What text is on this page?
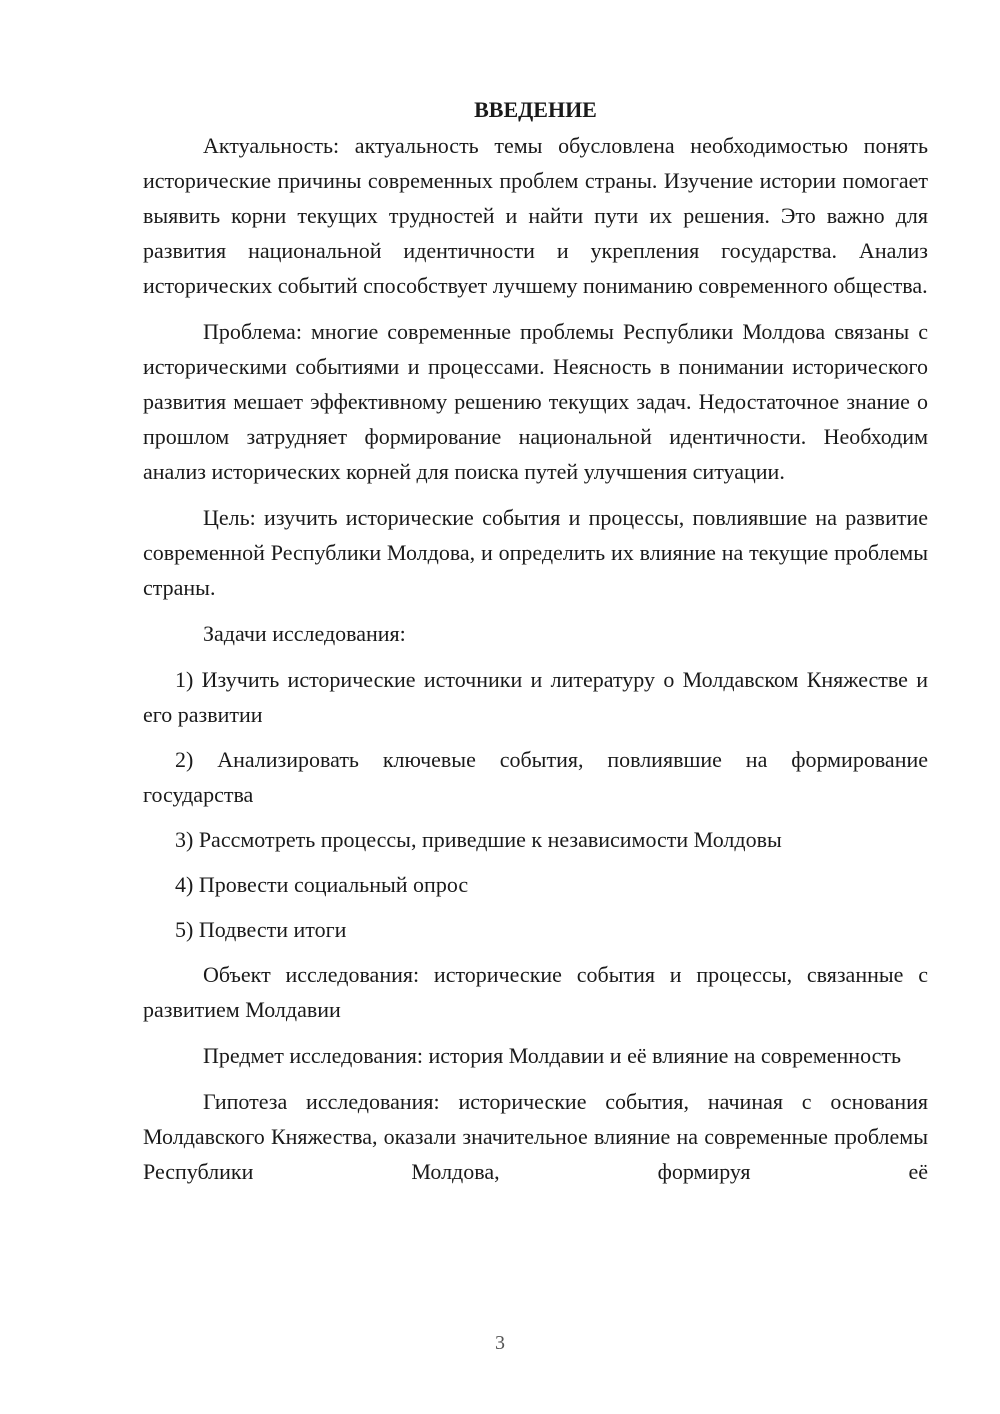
ВВЕДЕНИЕ

Актуальность: актуальность темы обусловлена необходимостью понять исторические причины современных проблем страны. Изучение истории помогает выявить корни текущих трудностей и найти пути их решения. Это важно для развития национальной идентичности и укрепления государства. Анализ исторических событий способствует лучшему пониманию современного общества.

Проблема: многие современные проблемы Республики Молдова связаны с историческими событиями и процессами. Неясность в понимании исторического развития мешает эффективному решению текущих задач. Недостаточное знание о прошлом затрудняет формирование национальной идентичности. Необходим анализ исторических корней для поиска путей улучшения ситуации.

Цель: изучить исторические события и процессы, повлиявшие на развитие современной Республики Молдова, и определить их влияние на текущие проблемы страны.

Задачи исследования:

1) Изучить исторические источники и литературу о Молдавском Княжестве и его развитии

2) Анализировать ключевые события, повлиявшие на формирование государства

3) Рассмотреть процессы, приведшие к независимости Молдовы

4) Провести социальный опрос

5) Подвести итоги

Объект исследования: исторические события и процессы, связанные с развитием Молдавии

Предмет исследования: история Молдавии и её влияние на современность

Гипотеза исследования: исторические события, начиная с основания Молдавского Княжества, оказали значительное влияние на современные проблемы Республики Молдова, формируя её

3
